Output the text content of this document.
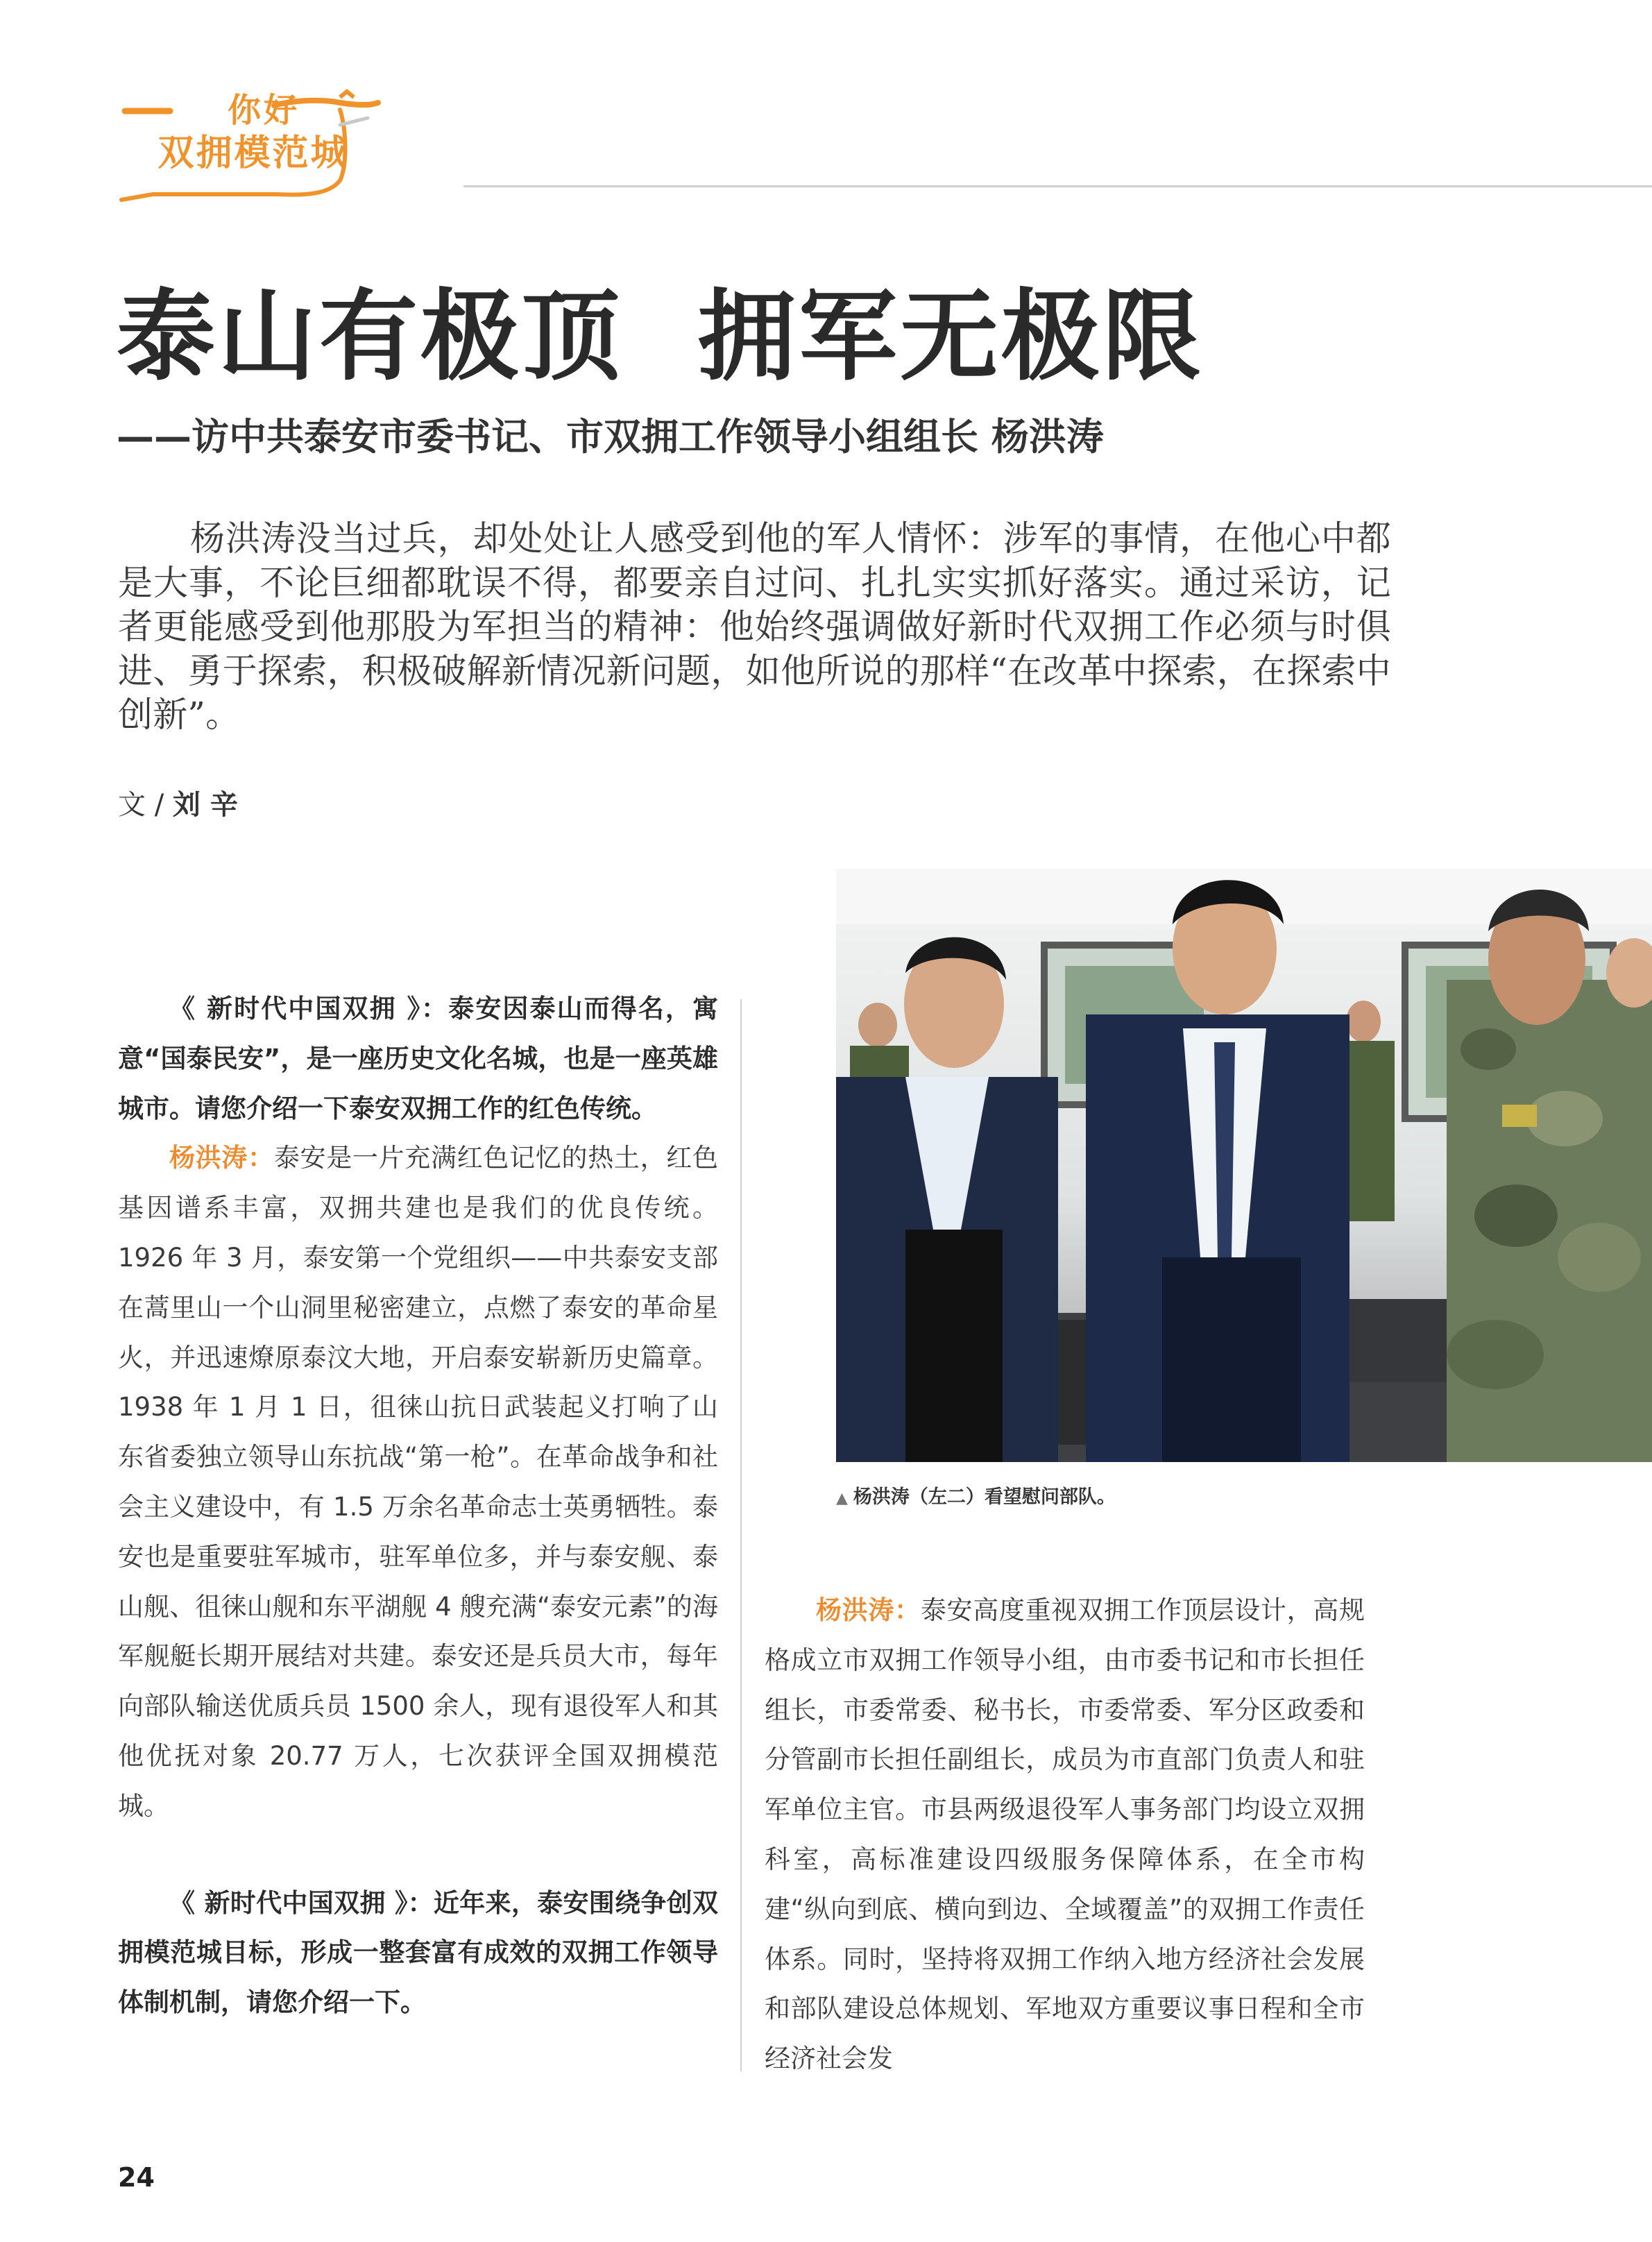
你好
双拥模范城
泰山有极顶  拥军无极限
——访中共泰安市委书记、市双拥工作领导小组组长 杨洪涛

杨洪涛没当过兵，却处处让人感受到他的军人情怀：涉军的事情，在他心中都是大事，不论巨细都耽误不得，都要亲自过问、扎扎实实抓好落实。通过采访，记者更能感受到他那股为军担当的精神：他始终强调做好新时代双拥工作必须与时俱进、勇于探索，积极破解新情况新问题，如他所说的那样“在改革中探索，在探索中创新”。

文 / 刘 辛

《 新时代中国双拥 》：泰安因泰山而得名，寓意“国泰民安”，是一座历史文化名城，也是一座英雄城市。请您介绍一下泰安双拥工作的红色传统。

杨洪涛：泰安是一片充满红色记忆的热土，红色基因谱系丰富，双拥共建也是我们的优良传统。1926 年 3 月，泰安第一个党组织——中共泰安支部在蒿里山一个山洞里秘密建立，点燃了泰安的革命星火，并迅速燎原泰汶大地，开启泰安崭新历史篇章。1938 年 1 月 1 日，徂徕山抗日武装起义打响了山东省委独立领导山东抗战“第一枪”。在革命战争和社会主义建设中，有 1.5 万余名革命志士英勇牺牲。泰安也是重要驻军城市，驻军单位多，并与泰安舰、泰山舰、徂徕山舰和东平湖舰 4 艘充满“泰安元素”的海军舰艇长期开展结对共建。泰安还是兵员大市，每年向部队输送优质兵员 1500 余人，现有退役军人和其他优抚对象 20.77 万人，七次获评全国双拥模范城。

《 新时代中国双拥 》：近年来，泰安围绕争创双拥模范城目标，形成一整套富有成效的双拥工作领导体制机制，请您介绍一下。

▲ 杨洪涛（左二）看望慰问部队。

杨洪涛：泰安高度重视双拥工作顶层设计，高规格成立市双拥工作领导小组，由市委书记和市长担任组长，市委常委、秘书长，市委常委、军分区政委和分管副市长担任副组长，成员为市直部门负责人和驻军单位主官。市县两级退役军人事务部门均设立双拥科室，高标准建设四级服务保障体系，在全市构建“纵向到底、横向到边、全域覆盖”的双拥工作责任体系。同时，坚持将双拥工作纳入地方经济社会发展和部队建设总体规划、军地双方重要议事日程和全市经济社会发

24
